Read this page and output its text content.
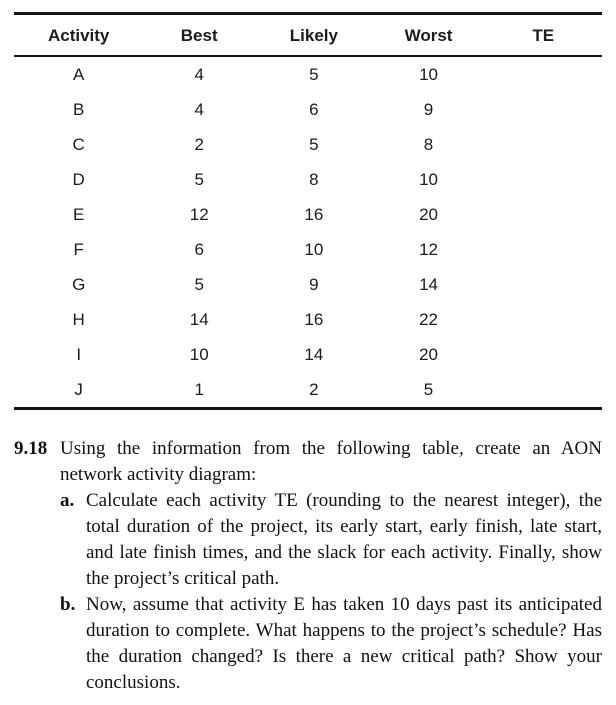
Activity	Best	Likely	Worst	TE
A	4	5	10	
B	4	6	9	
C	2	5	8	
D	5	8	10	
E	12	16	20	
F	6	10	12	
G	5	9	14	
H	14	16	22	
I	10	14	20	
J	1	2	5	
9.18 Using the information from the following table, create an AON network activity diagram:
a. Calculate each activity TE (rounding to the nearest integer), the total duration of the project, its early start, early finish, late start, and late finish times, and the slack for each activity. Finally, show the project’s critical path.
b. Now, assume that activity E has taken 10 days past its anticipated duration to complete. What happens to the project’s schedule? Has the duration changed? Is there a new critical path? Show your conclusions.
